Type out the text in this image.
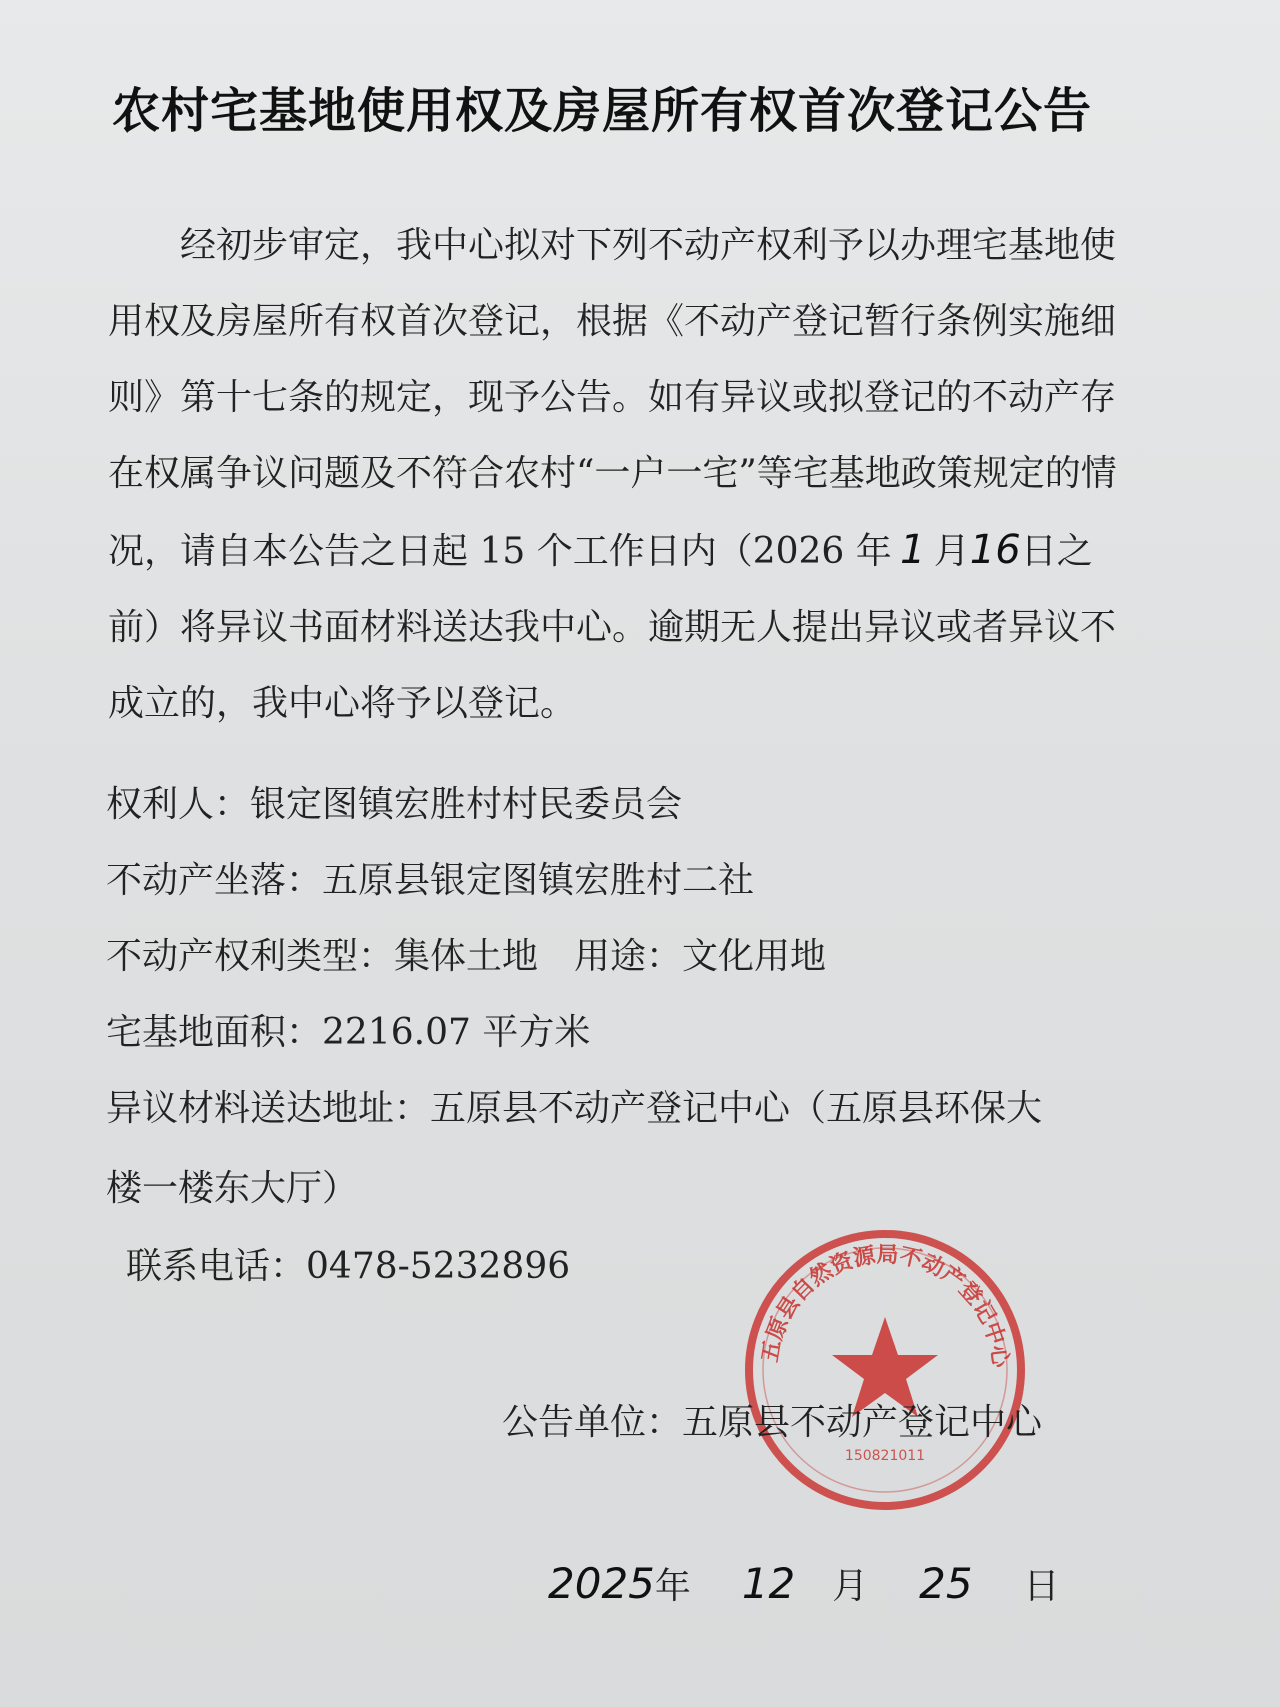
农村宅基地使用权及房屋所有权首次登记公告
经初步审定，我中心拟对下列不动产权利予以办理宅基地使用权及房屋所有权首次登记，根据《不动产登记暂行条例实施细则》第十七条的规定，现予公告。如有异议或拟登记的不动产存在权属争议问题及不符合农村“一户一宅”等宅基地政策规定的情况，请自本公告之日起 15 个工作日内（2026 年 1 月16日之前）将异议书面材料送达我中心。逾期无人提出异议或者异议不成立的，我中心将予以登记。
权利人：银定图镇宏胜村村民委员会
不动产坐落：五原县银定图镇宏胜村二社
不动产权利类型：集体土地 用途：文化用地
宅基地面积：2216.07 平方米
异议材料送达地址：五原县不动产登记中心（五原县环保大
楼一楼东大厅）
联系电话：0478-5232896
五原县自然资源局不动产登记中心
150821011
公告单位：五原县不动产登记中心
2025年 12 月 25 日
